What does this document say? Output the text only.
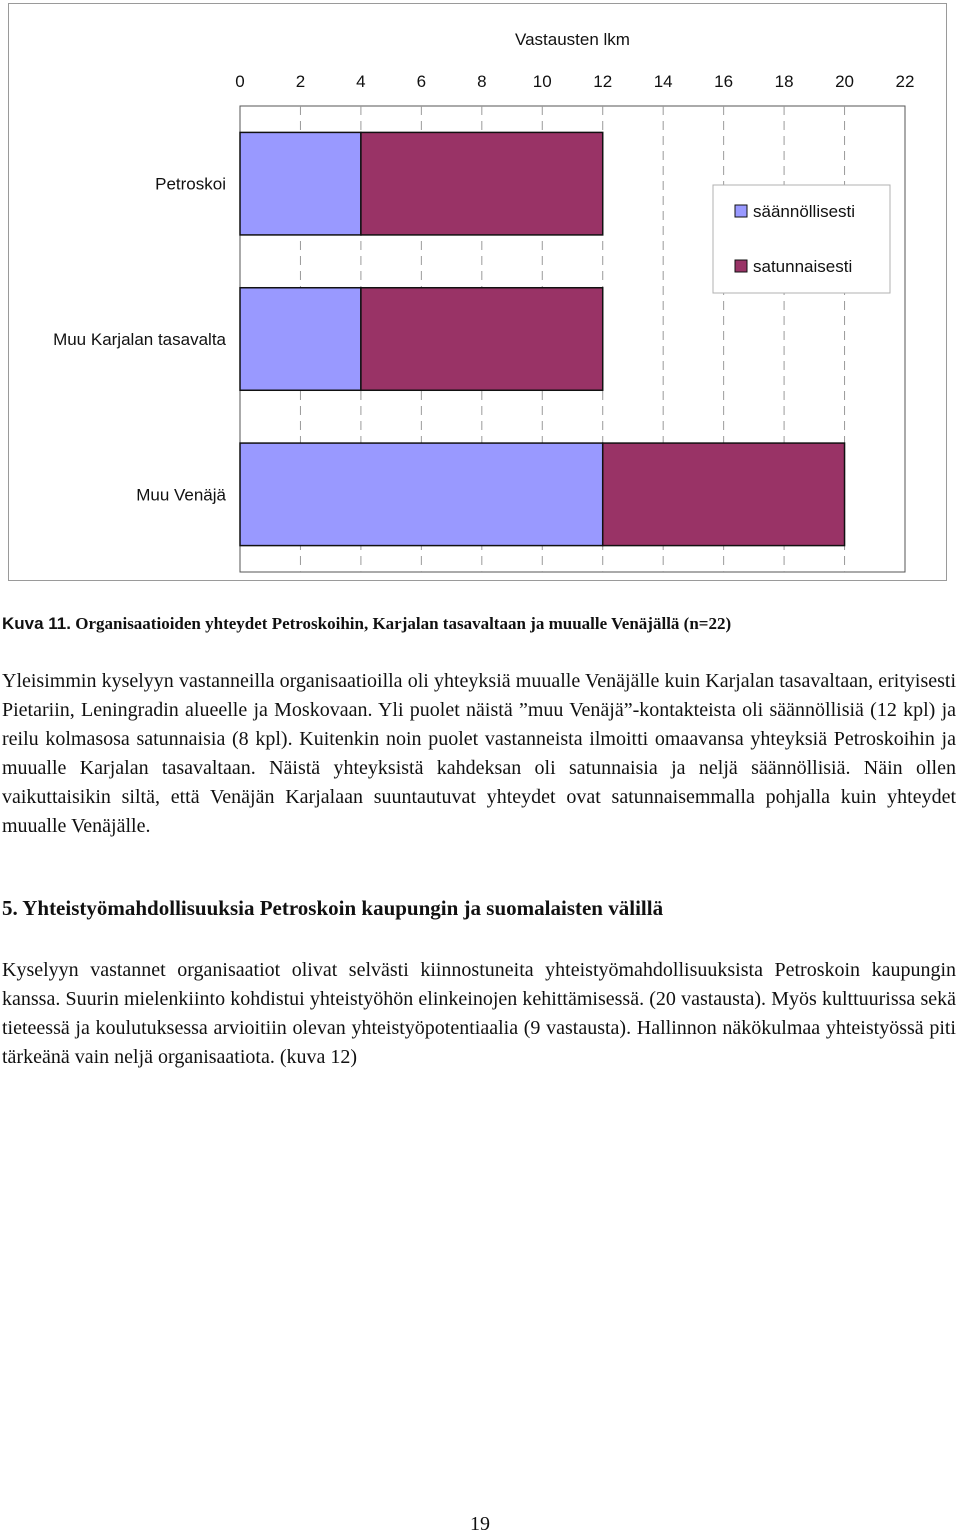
0	2	4	6	8	10 12 14 16 18 20 22
Vastausten lkm
Petroskoi
Muu Karjalan tasavalta
Muu Venäjä
säännöllisesti
satunnaisesti
Kuva 11. Organisaatioiden yhteydet Petroskoihin, Karjalan tasavaltaan ja muualle Venäjällä (n=22)

Yleisimmin kyselyyn vastanneilla organisaatioilla oli yhteyksiä muualle Venäjälle kuin Karjalan tasavaltaan, erityisesti Pietariin, Leningradin alueelle ja Moskovaan. Yli puolet näistä ”muu Venäjä”-kontakteista oli säännöllisiä (12 kpl) ja reilu kolmasosa satunnaisia (8 kpl). Kuitenkin noin puolet vastanneista ilmoitti omaavansa yhteyksiä Petroskoihin ja muualle Karjalan tasavaltaan. Näistä yhteyksistä kahdeksan oli satunnaisia ja neljä säännöllisiä. Näin ollen vaikuttaisikin siltä, että Venäjän Karjalaan suuntautuvat yhteydet ovat satunnaisemmalla pohjalla kuin yhteydet muualle Venäjälle.

5. Yhteistyömahdollisuuksia Petroskoin kaupungin ja suomalaisten välillä

Kyselyyn vastannet organisaatiot olivat selvästi kiinnostuneita yhteistyömahdollisuuksista Petroskoin kaupungin kanssa. Suurin mielenkiinto kohdistui yhteistyöhön elinkeinojen kehittämisessä. (20 vastausta). Myös kulttuurissa sekä tieteessä ja koulutuksessa arvioitiin olevan yhteistyöpotentiaalia (9 vastausta). Hallinnon näkökulmaa yhteistyössä piti tärkeänä vain neljä organisaatiota. (kuva 12)

19
